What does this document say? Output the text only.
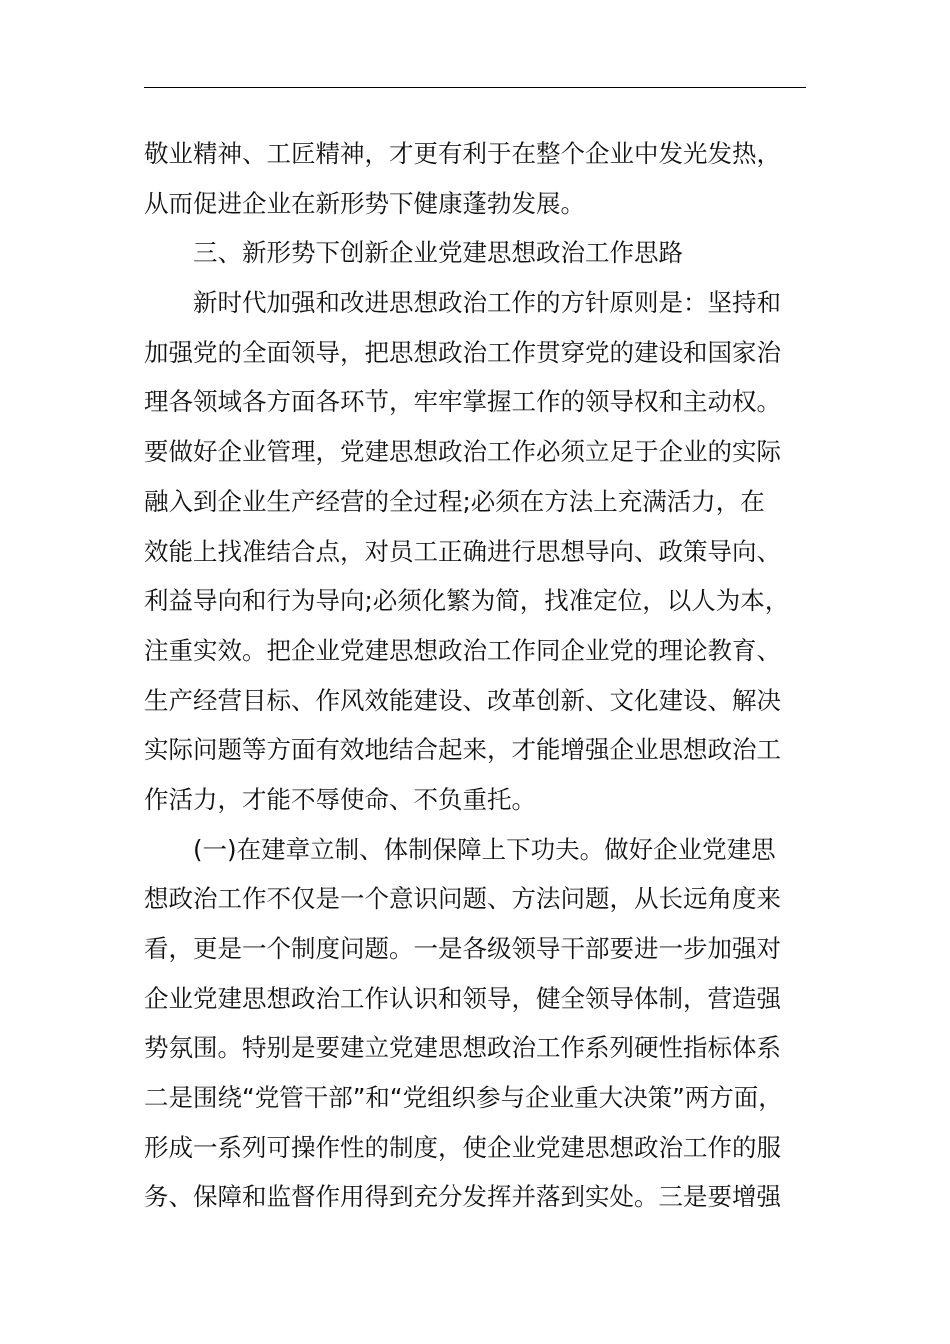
敬业精神、工匠精神，才更有利于在整个企业中发光发热，
从而促进企业在新形势下健康蓬勃发展。
三、新形势下创新企业党建思想政治工作思路
新时代加强和改进思想政治工作的方针原则是：坚持和
加强党的全面领导，把思想政治工作贯穿党的建设和国家治
理各领域各方面各环节，牢牢掌握工作的领导权和主动权。
要做好企业管理，党建思想政治工作必须立足于企业的实际
融入到企业生产经营的全过程;必须在方法上充满活力，在
效能上找准结合点，对员工正确进行思想导向、政策导向、
利益导向和行为导向;必须化繁为简，找准定位，以人为本，
注重实效。把企业党建思想政治工作同企业党的理论教育、
生产经营目标、作风效能建设、改革创新、文化建设、解决
实际问题等方面有效地结合起来，才能增强企业思想政治工
作活力，才能不辱使命、不负重托。
(一)在建章立制、体制保障上下功夫。做好企业党建思
想政治工作不仅是一个意识问题、方法问题，从长远角度来
看，更是一个制度问题。一是各级领导干部要进一步加强对
企业党建思想政治工作认识和领导，健全领导体制，营造强
势氛围。特别是要建立党建思想政治工作系列硬性指标体系
二是围绕“党管干部”和“党组织参与企业重大决策”两方面，
形成一系列可操作性的制度，使企业党建思想政治工作的服
务、保障和监督作用得到充分发挥并落到实处。三是要增强
